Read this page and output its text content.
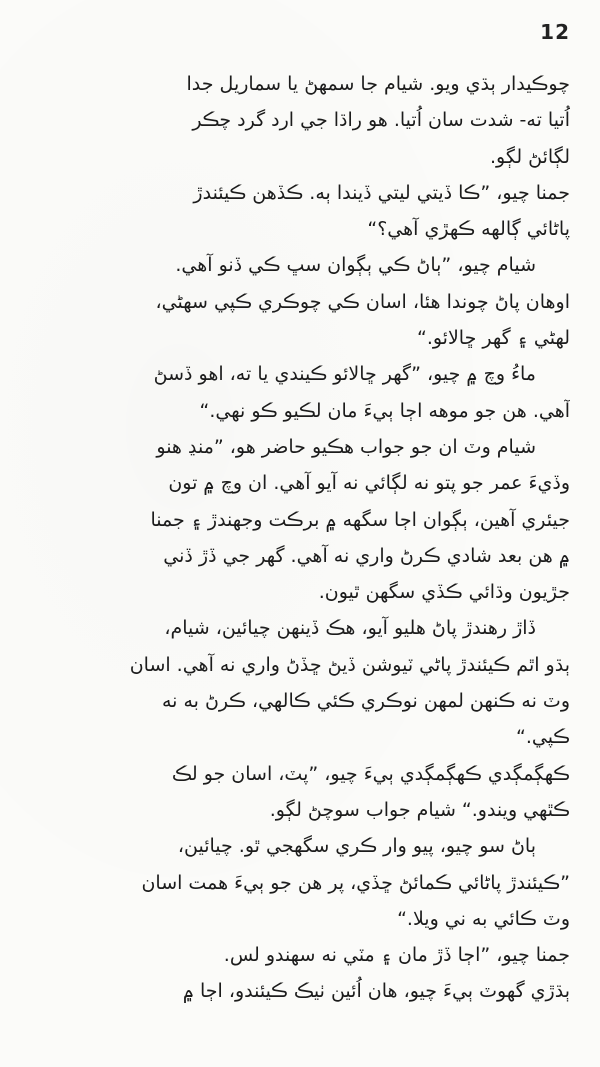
12
چوڪيدار ٻڌي ويو. شيام جا سمهڻ يا سماريل جدا
اُتيا ته- شدت سان اُتيا. هو راڌا جي ارد گرد چڪر
لڳائڻ لڳو.
جمنا چيو، ”ڪا ڏيتي ليتي ڏيندا ٻه. ڪڏهن ڪيئندڙ
پاڻائي ڳالهه ڪهڙي آهي؟“
شيام چيو، ”ٻاڻ ڪي ٻڳوان سڀ ڪي ڏنو آهي.
اوهان پاڻ چوندا هئا، اسان ڪي چوڪري ڪپي سهڻي،
لهڻي ۽ گهر ڇالائو.“
ماءُ وچ ۾ چيو، ”گهر ڇالائو ڪيندي يا ته، اهو ڏسڻ
آهي. هن جو موهه اڄا ٻيءَ مان لڪيو ڪو نهي.“
شيام وٽ ان جو جواب هڪيو حاضر هو، ”منڍ هنو
وڏيءَ عمر جو پتو نه لڳائي نه آيو آهي. ان وچ ۾ تون
جيئري آهين، ٻڳوان اڄا سگهه ۾ برڪت وجهندڙ ۽ جمنا
۾ هن بعد شادي ڪرڻ واري نه آهي. گهر جي ڏڙ ڏني
جڙيون وڌائي ڪڏي سگهن ٿيون.
ڏاڙ رهندڙ پاڻ هليو آيو، هڪ ڏينهن چيائين، شيام،
ٻڌو اٿم ڪيئندڙ پاڻي ٽيوشن ڏيڻ ڇڏڻ واري نه آهي. اسان
وٽ نه ڪنهن لمهن نوڪري ڪئي ڪالهي، ڪرڻ به نه
ڪپي.“
ڪهڳمڳدي ڪهڳمڳدي ٻيءَ چيو، ”پٽ، اسان جو لڪ
ڪٿهي ويندو.“ شيام جواب سوچڻ لڳو.
ٻاڻ سو چيو، پيو وار ڪري سگهجي ٿو. چيائين،
”ڪيئندڙ پاڻائي ڪمائڻ ڇڏي، پر هن جو ٻيءَ همت اسان
وٽ ڪائي به ني ويلا.“
جمنا چيو، ”اڄا ڏڙ مان ۽ مٽي نه سهندو لس.
ٻڌڙي گهوٽ ٻيءَ چيو، هان اُئين ٺيڪ ڪيئندو، اڄا ۾
